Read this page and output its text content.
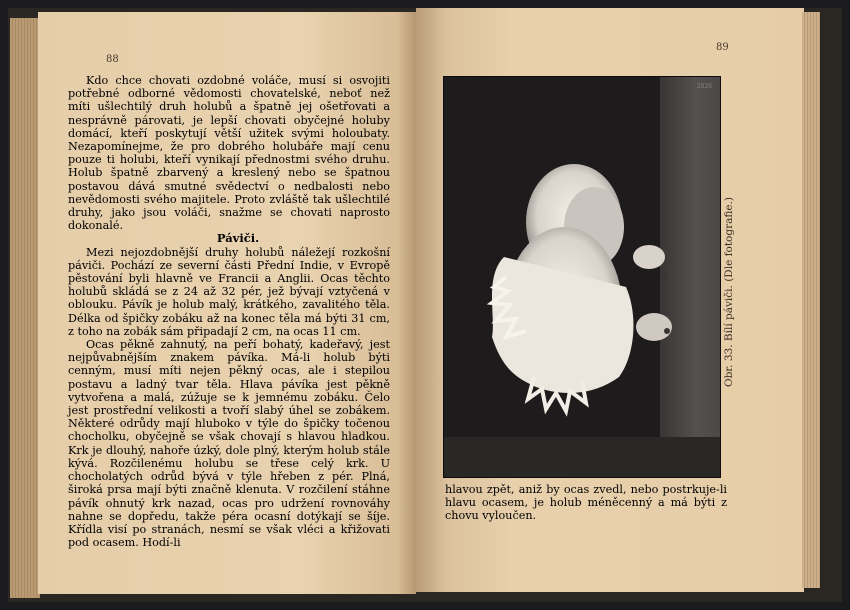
88
89

Kdo chce chovati ozdobné voláče, musí si osvojiti potřebné odborné vědomosti chovatelské, neboť než míti ušlechtilý druh holubů a špatně jej ošetřovati a nesprávně párovati, je lepší chovati obyčejné holuby domácí, kteří poskytují větší užitek svými holoubaty. Nezapomínejme, že pro dobrého holubáře mají cenu pouze ti holubi, kteří vynikají přednostmi svého druhu. Holub špatně zbarvený a kreslený nebo se špatnou postavou dává smutné svědectví o nedbalosti nebo nevědomosti svého majitele. Proto zvláště tak ušlechtilé druhy, jako jsou voláči, snažme se chovati naprosto dokonalé.

Páviči.

Mezi nejozdobnější druhy holubů náležejí rozkošní páviči. Pochází ze severní části Přední Indie, v Evropě pěstování byli hlavně ve Francii a Anglii. Ocas těchto holubů skládá se z 24 až 32 pér, jež bývají vztyčená v oblouku. Pávík je holub malý, krátkého, zavalitého těla. Délka od špičky zobáku až na konec těla má býti 31 cm, z toho na zobák sám připadají 2 cm, na ocas 11 cm.

Ocas pěkně zahnutý, na peří bohatý, kadeřavý, jest nejpůvabnějším znakem pávíka. Má-li holub býti cenným, musí míti nejen pěkný ocas, ale i stepilou postavu a ladný tvar těla. Hlava pávíka jest pěkně vytvořena a malá, zúžuje se k jemnému zobáku. Čelo jest prostřední velikosti a tvoří slabý úhel se zobákem. Některé odrůdy mají hluboko v týle do špičky točenou chocholku, obyčejně se však chovají s hlavou hladkou. Krk je dlouhý, nahoře úzký, dole plný, kterým holub stále kývá. Rozčilenému holubu se třese celý krk. U chocholatých odrůd bývá v týle hřeben z pér. Plná, široká prsa mají býti značně klenuta. V rozčilení stáhne pávík ohnutý krk nazad, ocas pro udržení rovnováhy nahne se dopředu, takže péra ocasní dotýkají se šíje. Křídla visí po stranách, nesmí se však vléci a křižovati pod ocasem. Hodí-li

2026
Obr. 33. Bílí páviči. (Dle fotografie.)

hlavou zpět, aniž by ocas zvedl, nebo postrkuje-li hlavu ocasem, je holub méněcenný a má býti z chovu vyloučen.
